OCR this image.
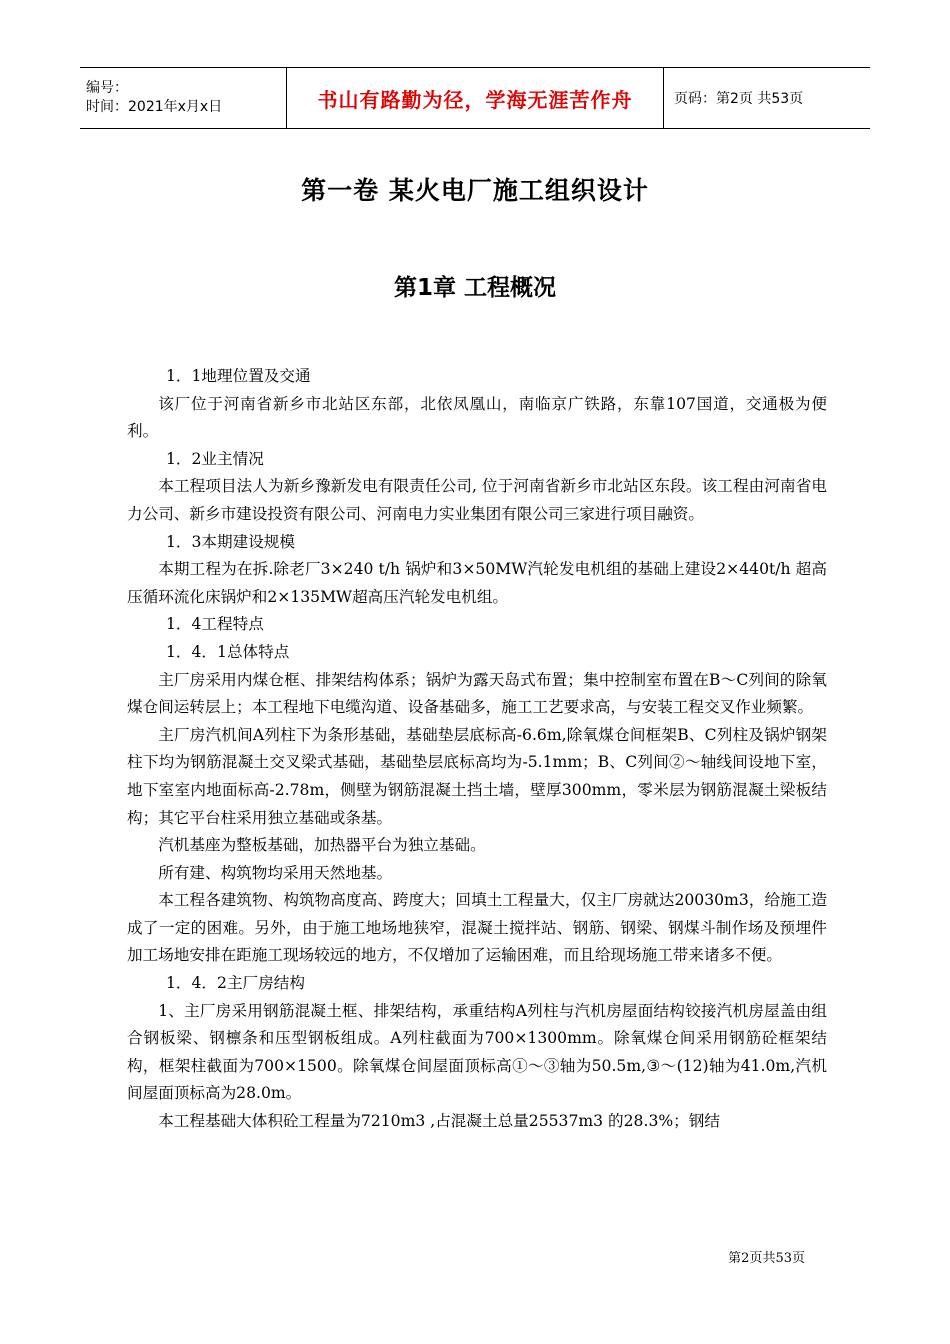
编号：
时间：2021年x月x日	书山有路勤为径，学海无涯苦作舟	页码：第2页 共53页
第一卷 某火电厂施工组织设计
第1章 工程概况

1．1地理位置及交通

该厂位于河南省新乡市北站区东部，北依凤凰山，南临京广铁路，东靠107国道，交通极为便利。

1．2业主情况

本工程项目法人为新乡豫新发电有限责任公司, 位于河南省新乡市北站区东段。该工程由河南省电力公司、新乡市建设投资有限公司、河南电力实业集团有限公司三家进行项目融资。

1．3本期建设规模

本期工程为在拆.除老厂3×240 t/h 锅炉和3×50MW汽轮发电机组的基础上建设2×440t/h 超高压循环流化床锅炉和2×135MW超高压汽轮发电机组。

1．4工程特点

1．4．1总体特点

主厂房采用内煤仓框、排架结构体系；锅炉为露天岛式布置；集中控制室布置在B～C列间的除氧煤仓间运转层上；本工程地下电缆沟道、设备基础多，施工工艺要求高，与安装工程交叉作业频繁。

主厂房汽机间A列柱下为条形基础，基础垫层底标高-6.6m,除氧煤仓间框架B、C列柱及锅炉钢架柱下均为钢筋混凝土交叉梁式基础，基础垫层底标高均为-5.1mm；B、C列间②～轴线间设地下室，地下室室内地面标高-2.78m，侧壁为钢筋混凝土挡土墙，壁厚300mm，零米层为钢筋混凝土梁板结构；其它平台柱采用独立基础或条基。

汽机基座为整板基础，加热器平台为独立基础。

所有建、构筑物均采用天然地基。

本工程各建筑物、构筑物高度高、跨度大；回填土工程量大，仅主厂房就达20030m3，给施工造成了一定的困难。另外，由于施工地场地狭窄，混凝土搅拌站、钢筋、钢梁、钢煤斗制作场及预埋件加工场地安排在距施工现场较远的地方，不仅增加了运输困难，而且给现场施工带来诸多不便。

1．4．2主厂房结构

1、主厂房采用钢筋混凝土框、排架结构，承重结构A列柱与汽机房屋面结构铰接汽机房屋盖由组合钢板梁、钢檩条和压型钢板组成。A列柱截面为700×1300mm。除氧煤仓间采用钢筋砼框架结构，框架柱截面为700×1500。除氧煤仓间屋面顶标高①～③轴为50.5m,③～(12)轴为41.0m,汽机间屋面顶标高为28.0m。

本工程基础大体积砼工程量为7210m3 ,占混凝土总量25537m3 的28.3%；钢结

第2页共53页
